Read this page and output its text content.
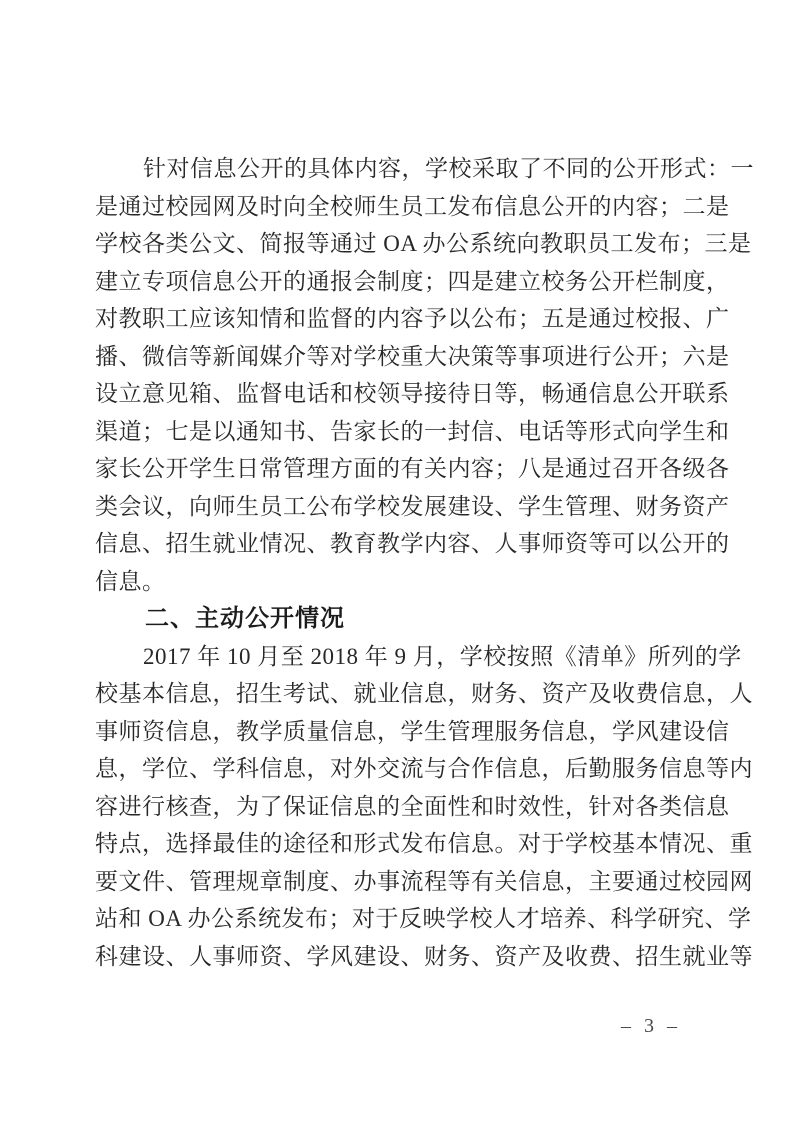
针对信息公开的具体内容，学校采取了不同的公开形式：一
是通过校园网及时向全校师生员工发布信息公开的内容；二是
学校各类公文、简报等通过 OA 办公系统向教职员工发布；三是
建立专项信息公开的通报会制度；四是建立校务公开栏制度，
对教职工应该知情和监督的内容予以公布；五是通过校报、广
播、微信等新闻媒介等对学校重大决策等事项进行公开；六是
设立意见箱、监督电话和校领导接待日等，畅通信息公开联系
渠道；七是以通知书、告家长的一封信、电话等形式向学生和
家长公开学生日常管理方面的有关内容；八是通过召开各级各
类会议，向师生员工公布学校发展建设、学生管理、财务资产
信息、招生就业情况、教育教学内容、人事师资等可以公开的
信息。
二、主动公开情况
2017 年 10 月至 2018 年 9 月，学校按照《清单》所列的学
校基本信息，招生考试、就业信息，财务、资产及收费信息，人
事师资信息，教学质量信息，学生管理服务信息，学风建设信
息，学位、学科信息，对外交流与合作信息，后勤服务信息等内
容进行核查，为了保证信息的全面性和时效性，针对各类信息
特点，选择最佳的途径和形式发布信息。对于学校基本情况、重
要文件、管理规章制度、办事流程等有关信息，主要通过校园网
站和 OA 办公系统发布；对于反映学校人才培养、科学研究、学
科建设、人事师资、学风建设、财务、资产及收费、招生就业等
– 3 –
